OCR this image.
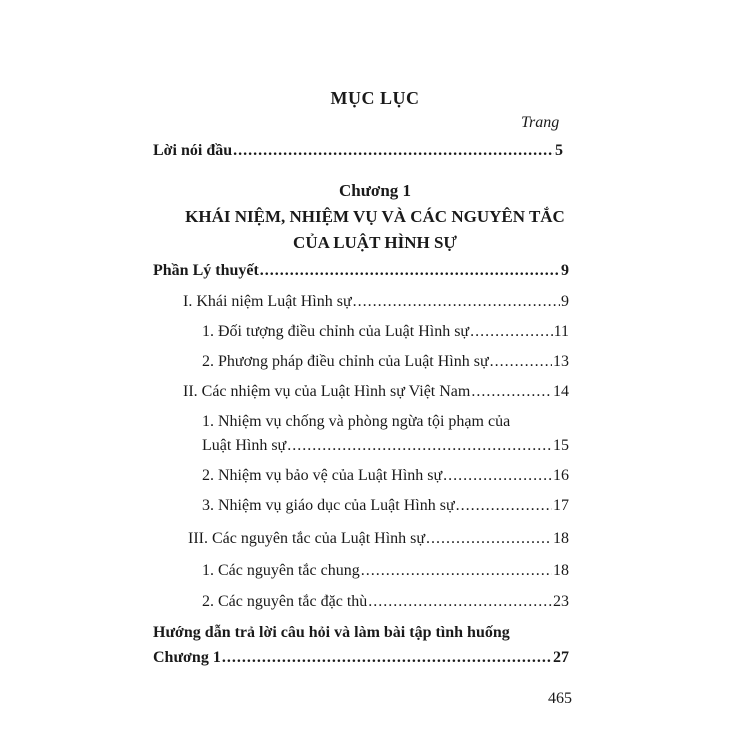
MỤC LỤC
Trang
Lời nói đầu .....	5
Chương 1
KHÁI NIỆM, NHIỆM VỤ VÀ CÁC NGUYÊN TẮC
CỦA LUẬT HÌNH SỰ
Phần Lý thuyết .....	9
I. Khái niệm Luật Hình sự .....	9
1. Đối tượng điều chỉnh của Luật Hình sự .....	11
2. Phương pháp điều chỉnh của Luật Hình sự .....	13
II. Các nhiệm vụ của Luật Hình sự Việt Nam .....	14
1. Nhiệm vụ chống và phòng ngừa tội phạm của
Luật Hình sự .....	15
2. Nhiệm vụ bảo vệ của Luật Hình sự .....	16
3. Nhiệm vụ giáo dục của Luật Hình sự .....	17
III. Các nguyên tắc của Luật Hình sự .....	18
1. Các nguyên tắc chung .....	18
2. Các nguyên tắc đặc thù .....	23
Hướng dẫn trả lời câu hỏi và làm bài tập tình huống
Chương 1 .....	27
465
